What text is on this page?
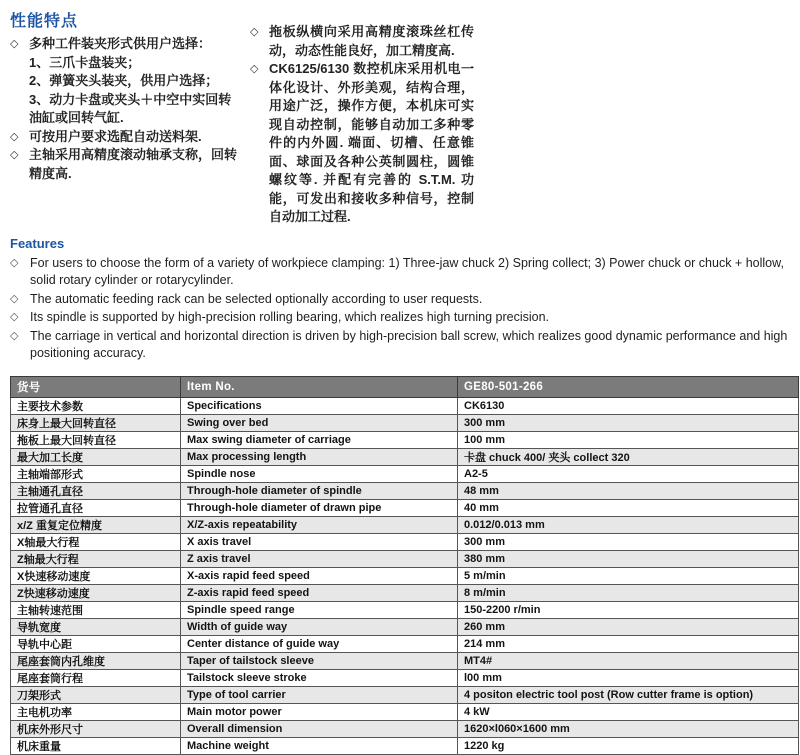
性能特点
◇ 多种工件装夹形式供用户选择：
1、三爪卡盘装夹；
2、弹簧夹头装夹，供用户选择；
3、动力卡盘或夹头＋中空中实回转油缸或回转气缸.
◇ 可按用户要求选配自动送料架.
◇ 主轴采用高精度滚动轴承支称，回转精度高.
◇ 拖板纵横向采用高精度滚珠丝杠传动，动态性能良好，加工精度高.
◇ CK6125/6130 数控机床采用机电一体化设计、外形美观，结构合理，用途广泛，操作方便，本机床可实现自动控制，能够自动加工多种零件的内外圆. 端面、切槽、任意锥面、球面及各种公英制圆柱，圆锥螺纹等. 并配有完善的 S.T.M. 功能，可发出和接收多种信号，控制自动加工过程.
Features
◇ For users to choose the form of a variety of workpiece clamping: 1) Three-jaw chuck 2) Spring collect; 3) Power chuck or chuck + hollow, solid rotary cylinder or rotarycylinder.
◇ The automatic feeding rack can be selected optionally according to user requests.
◇ Its spindle is supported by high-precision rolling bearing, which realizes high turning precision.
◇ The carriage in vertical and horizontal direction is driven by high-precision ball screw, which realizes good dynamic performance and high positioning accuracy.
货号	Item No.	GE80-501-266
主要技术参数	Specifications	CK6130
床身上最大回转直径	Swing over bed	300 mm
拖板上最大回转直径	Max swing diameter of carriage	100 mm
最大加工长度	Max processing length	卡盘 chuck 400/ 夹头 collect 320
主轴端部形式	Spindle nose	A2-5
主轴通孔直径	Through-hole diameter of spindle	48 mm
拉管通孔直径	Through-hole diameter of drawn pipe	40 mm
x/Z 重复定位精度	X/Z-axis repeatability	0.012/0.013 mm
X轴最大行程	X axis travel	300 mm
Z轴最大行程	Z axis travel	380 mm
X快速移动速度	X-axis rapid feed speed	5 m/min
Z快速移动速度	Z-axis rapid feed speed	8 m/min
主轴转速范围	Spindle speed range	150-2200 r/min
导轨宽度	Width of guide way	260 mm
导轨中心距	Center distance of guide way	214 mm
尾座套筒内孔维度	Taper of tailstock sleeve	MT4#
尾座套筒行程	Tailstock sleeve stroke	l00 mm
刀架形式	Type of tool carrier	4 positon electric tool post (Row cutter frame is option)
主电机功率	Main motor power	4 kW
机床外形尺寸	Overall dimension	1620×l060×1600 mm
机床重量	Machine weight	1220 kg
